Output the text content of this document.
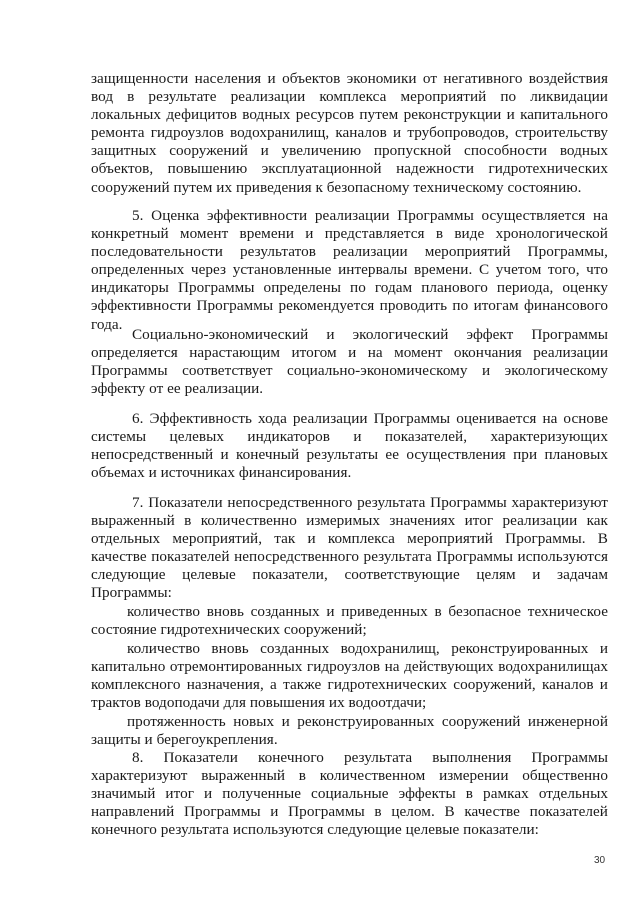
защищенности населения и объектов экономики от негативного воздействия вод в результате реализации комплекса мероприятий по ликвидации локальных дефицитов водных ресурсов путем реконструкции и капитального ремонта гидроузлов водохранилищ, каналов и трубопроводов, строительству защитных сооружений и увеличению пропускной способности водных объектов, повышению эксплуатационной надежности гидротехнических сооружений путем их приведения к безопасному техническому состоянию.

5. Оценка эффективности реализации Программы осуществляется на конкретный момент времени и представляется в виде хронологической последовательности результатов реализации мероприятий Программы, определенных через установленные интервалы времени. С учетом того, что индикаторы Программы определены по годам планового периода, оценку эффективности Программы рекомендуется проводить по итогам финансового года.

Социально-экономический и экологический эффект Программы определяется нарастающим итогом и на момент окончания реализации Программы соответствует социально-экономическому и экологическому эффекту от ее реализации.

6. Эффективность хода реализации Программы оценивается на основе системы целевых индикаторов и показателей, характеризующих непосредственный и конечный результаты ее осуществления при плановых объемах и источниках финансирования.

7. Показатели непосредственного результата Программы характеризуют выраженный в количественно измеримых значениях итог реализации как отдельных мероприятий, так и комплекса мероприятий Программы. В качестве показателей непосредственного результата Программы используются следующие целевые показатели, соответствующие целям и задачам Программы:

количество вновь созданных и приведенных в безопасное техническое состояние гидротехнических сооружений;

количество вновь созданных водохранилищ, реконструированных и капитально отремонтированных гидроузлов на действующих водохранилищах комплексного назначения, а также гидротехнических сооружений, каналов и трактов водоподачи для повышения их водоотдачи;

протяженность новых и реконструированных сооружений инженерной защиты и берегоукрепления.

8. Показатели конечного результата выполнения Программы характеризуют выраженный в количественном измерении общественно значимый итог и полученные социальные эффекты в рамках отдельных направлений Программы и Программы в целом. В качестве показателей конечного результата используются следующие целевые показатели:

30
